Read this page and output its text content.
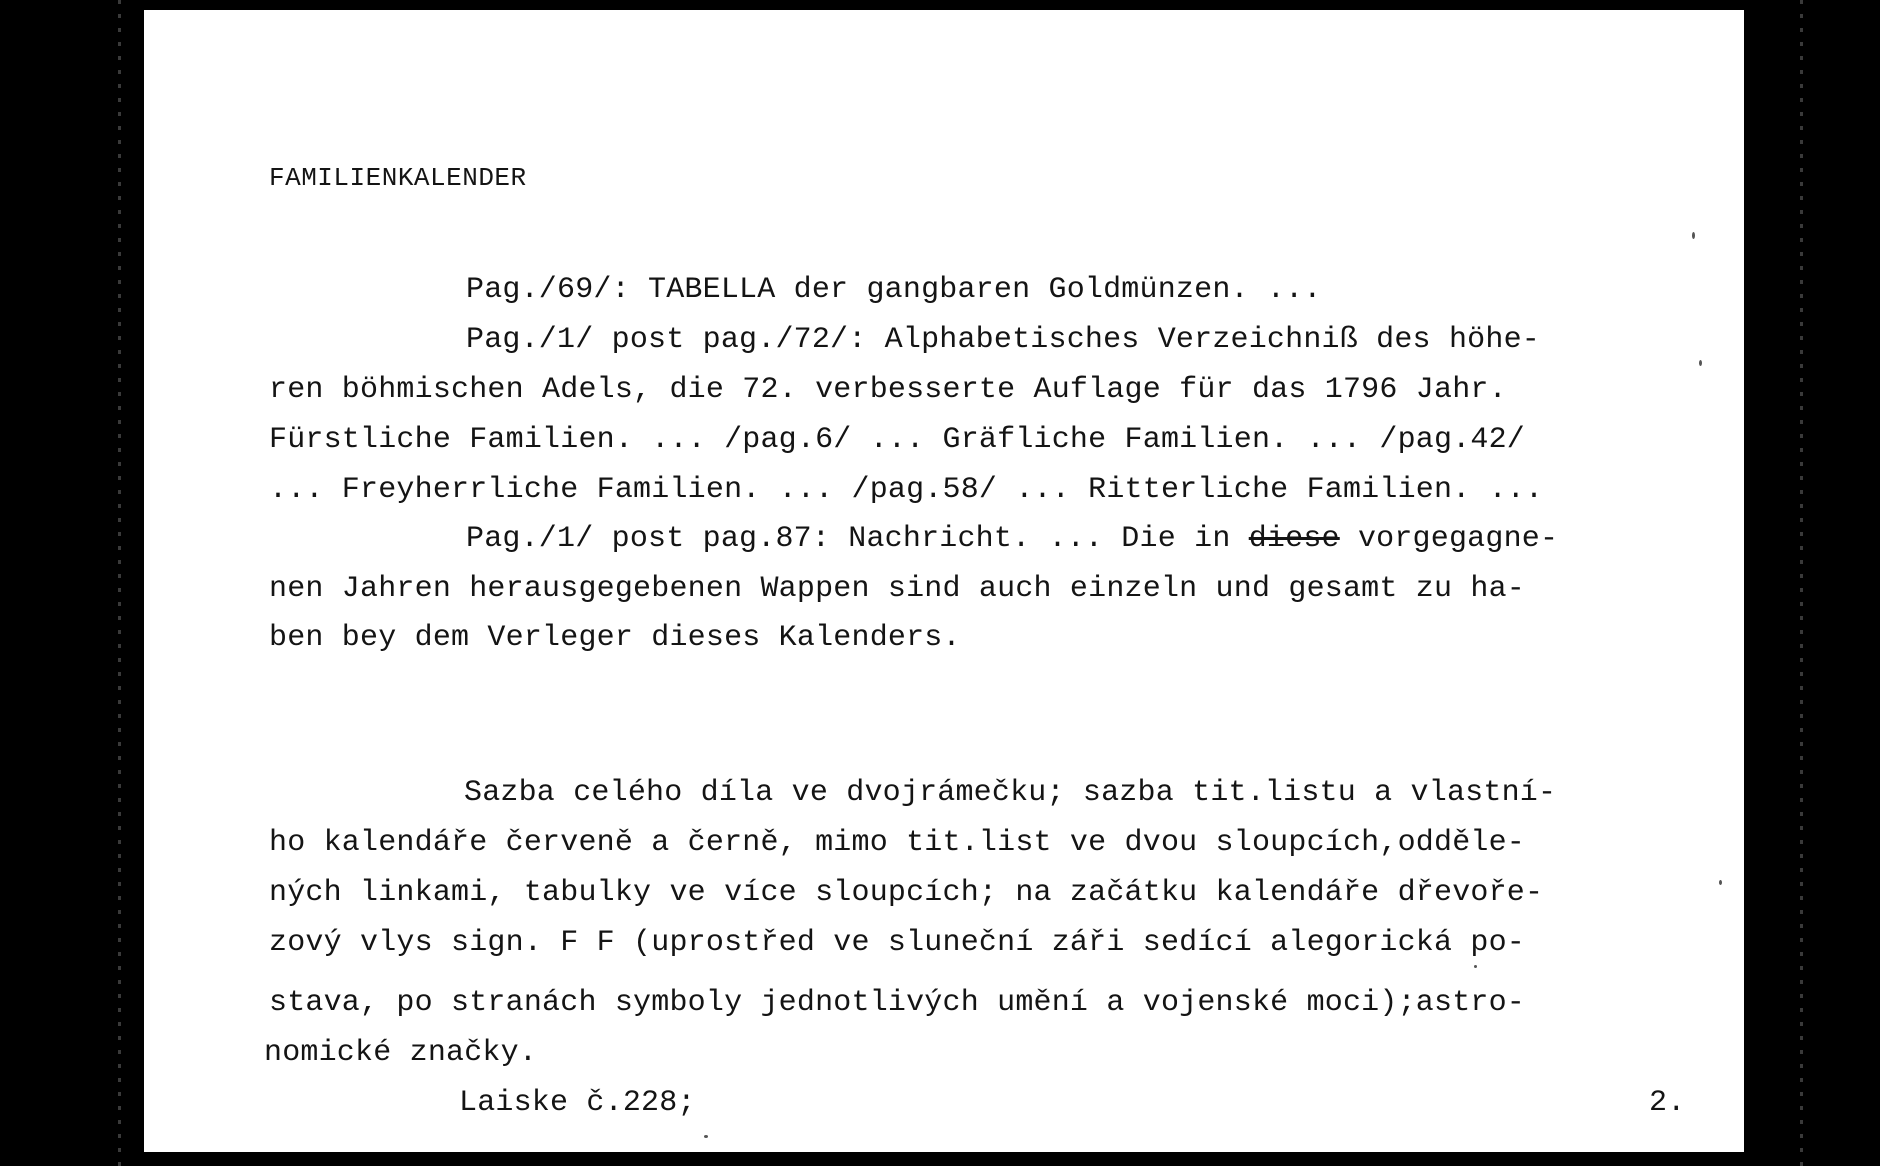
FAMILIENKALENDER
Pag./69/: TABELLA der gangbaren Goldmünzen. ...
Pag./1/ post pag./72/: Alphabetisches Verzeichniß des höhe-
ren böhmischen Adels, die 72. verbesserte Auflage für das 1796 Jahr.
Fürstliche Familien. ... /pag.6/ ... Gräfliche Familien. ... /pag.42/
... Freyherrliche Familien. ... /pag.58/ ... Ritterliche Familien. ...
Pag./1/ post pag.87: Nachricht. ... Die in diese vorgegagne-
nen Jahren herausgegebenen Wappen sind auch einzeln und gesamt zu ha-
ben bey dem Verleger dieses Kalenders.
Sazba celého díla ve dvojrámečku; sazba tit.listu a vlastní-
ho kalendáře červeně a černě, mimo tit.list ve dvou sloupcích,odděle-
ných linkami, tabulky ve více sloupcích; na začátku kalendáře dřevoře-
zový vlys sign. F F (uprostřed ve sluneční záři sedící alegorická po-
stava, po stranách symboly jednotlivých umění a vojenské moci);astro-
nomické značky.
Laiske č.228;	2.
